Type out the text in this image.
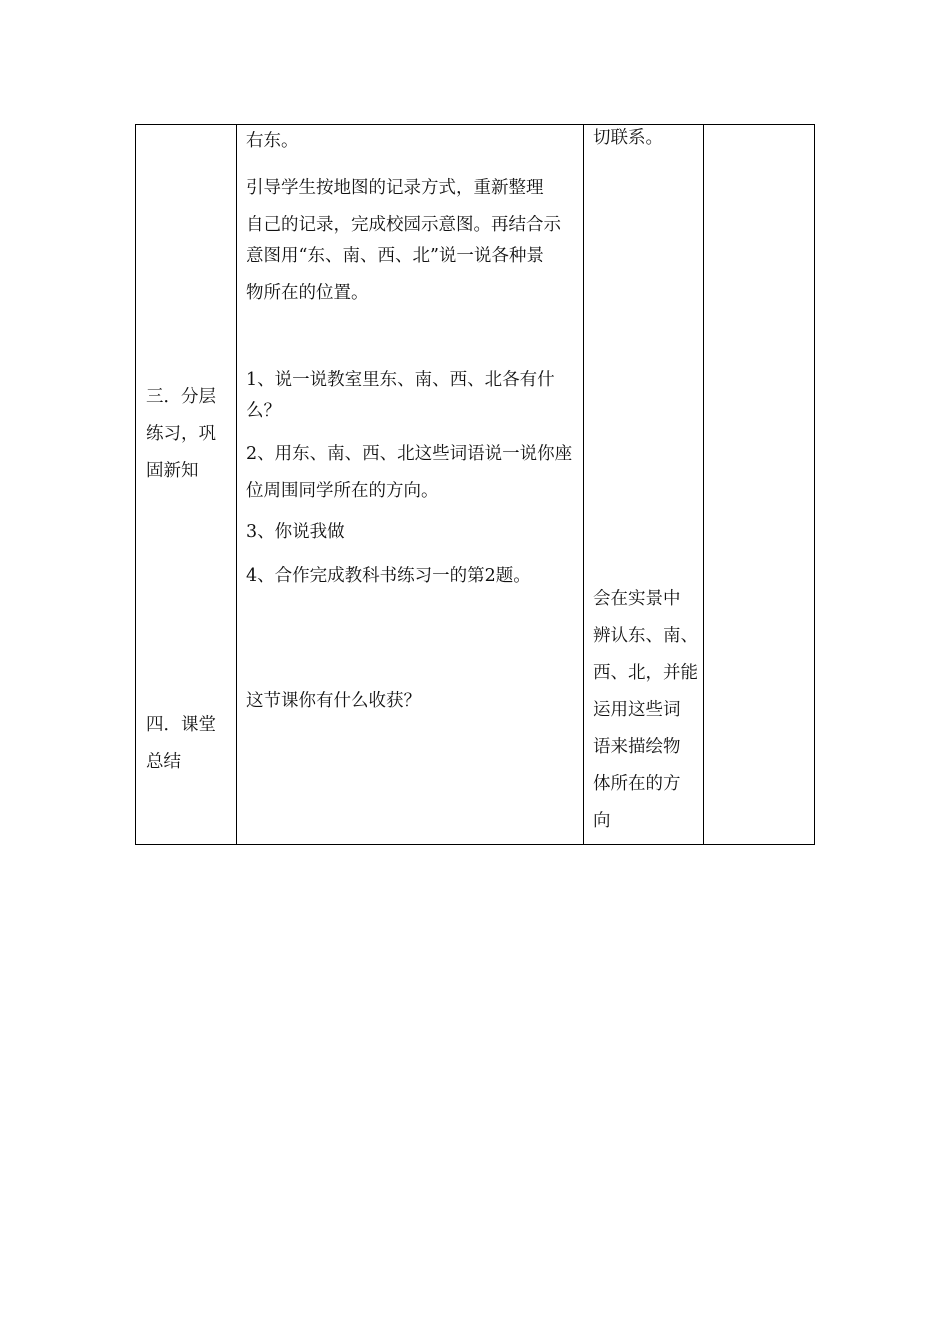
三．分层

练习，巩

固新知

四．课堂

总结

右东。

引导学生按地图的记录方式，重新整理

自己的记录，完成校园示意图。再结合示

意图用“东、南、西、北”说一说各种景

物所在的位置。

1、说一说教室里东、南、西、北各有什

么？

2、用东、南、西、北这些词语说一说你座

位周围同学所在的方向。

3、你说我做

4、合作完成教科书练习一的第2题。

这节课你有什么收获？

切联系。

会在实景中

辨认东、南、

西、北，并能

运用这些词

语来描绘物

体所在的方

向
